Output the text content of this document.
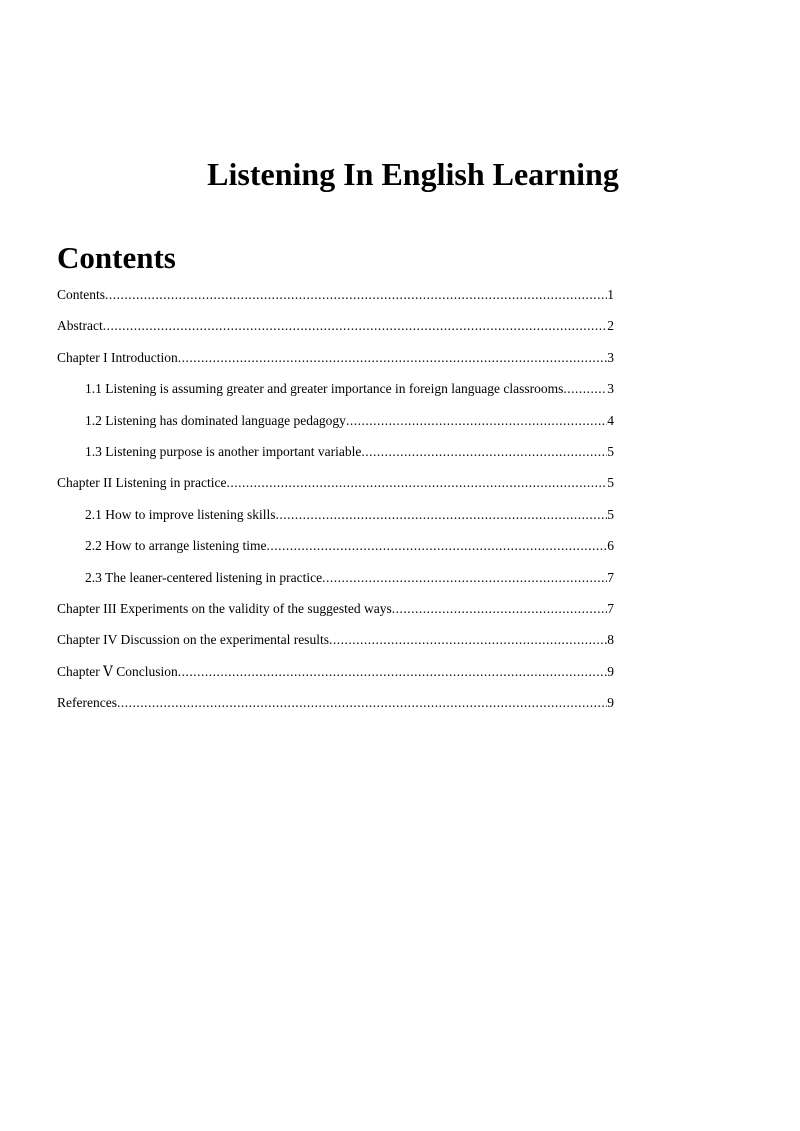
Listening In English Learning
Contents
Contents .....	1
Abstract .....	2
Chapter I Introduction .....	3
1.1 Listening is assuming greater and greater importance in foreign language classrooms .....	3
1.2 Listening has dominated language pedagogy .....	4
1.3 Listening purpose is another important variable .....	5
Chapter II Listening in practice .....	5
2.1 How to improve listening skills .....	5
2.2 How to arrange listening time .....	6
2.3 The leaner-centered listening in practice .....	7
Chapter III Experiments on the validity of the suggested ways .....	7
Chapter IV Discussion on the experimental results .....	8
Chapter Ⅴ Conclusion .....	9
References .....	9
